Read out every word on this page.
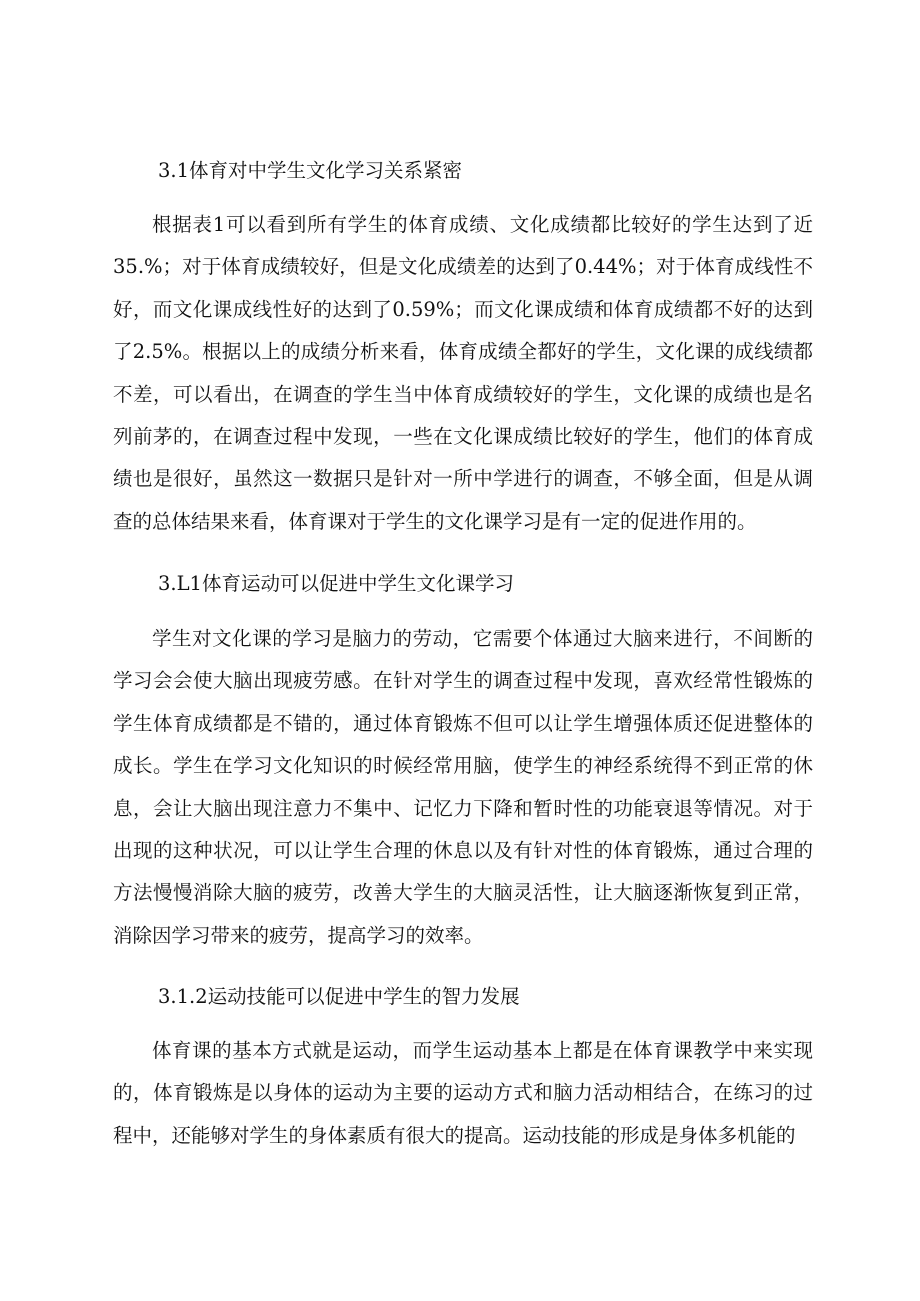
3.1体育对中学生文化学习关系紧密

根据表1可以看到所有学生的体育成绩、文化成绩都比较好的学生达到了近35.%；对于体育成绩较好，但是文化成绩差的达到了0.44%；对于体育成线性不好，而文化课成线性好的达到了0.59%；而文化课成绩和体育成绩都不好的达到了2.5%。根据以上的成绩分析来看，体育成绩全都好的学生，文化课的成线绩都不差，可以看出，在调查的学生当中体育成绩较好的学生，文化课的成绩也是名列前茅的，在调查过程中发现，一些在文化课成绩比较好的学生，他们的体育成绩也是很好，虽然这一数据只是针对一所中学进行的调查，不够全面，但是从调查的总体结果来看，体育课对于学生的文化课学习是有一定的促进作用的。

3.L1体育运动可以促进中学生文化课学习

学生对文化课的学习是脑力的劳动，它需要个体通过大脑来进行，不间断的学习会会使大脑出现疲劳感。在针对学生的调查过程中发现，喜欢经常性锻炼的学生体育成绩都是不错的，通过体育锻炼不但可以让学生增强体质还促进整体的成长。学生在学习文化知识的时候经常用脑，使学生的神经系统得不到正常的休息，会让大脑出现注意力不集中、记忆力下降和暂时性的功能衰退等情况。对于出现的这种状况，可以让学生合理的休息以及有针对性的体育锻炼，通过合理的方法慢慢消除大脑的疲劳，改善大学生的大脑灵活性，让大脑逐渐恢复到正常，消除因学习带来的疲劳，提高学习的效率。

3.1.2运动技能可以促进中学生的智力发展

体育课的基本方式就是运动，而学生运动基本上都是在体育课教学中来实现的，体育锻炼是以身体的运动为主要的运动方式和脑力活动相结合，在练习的过程中，还能够对学生的身体素质有很大的提高。运动技能的形成是身体多机能的
